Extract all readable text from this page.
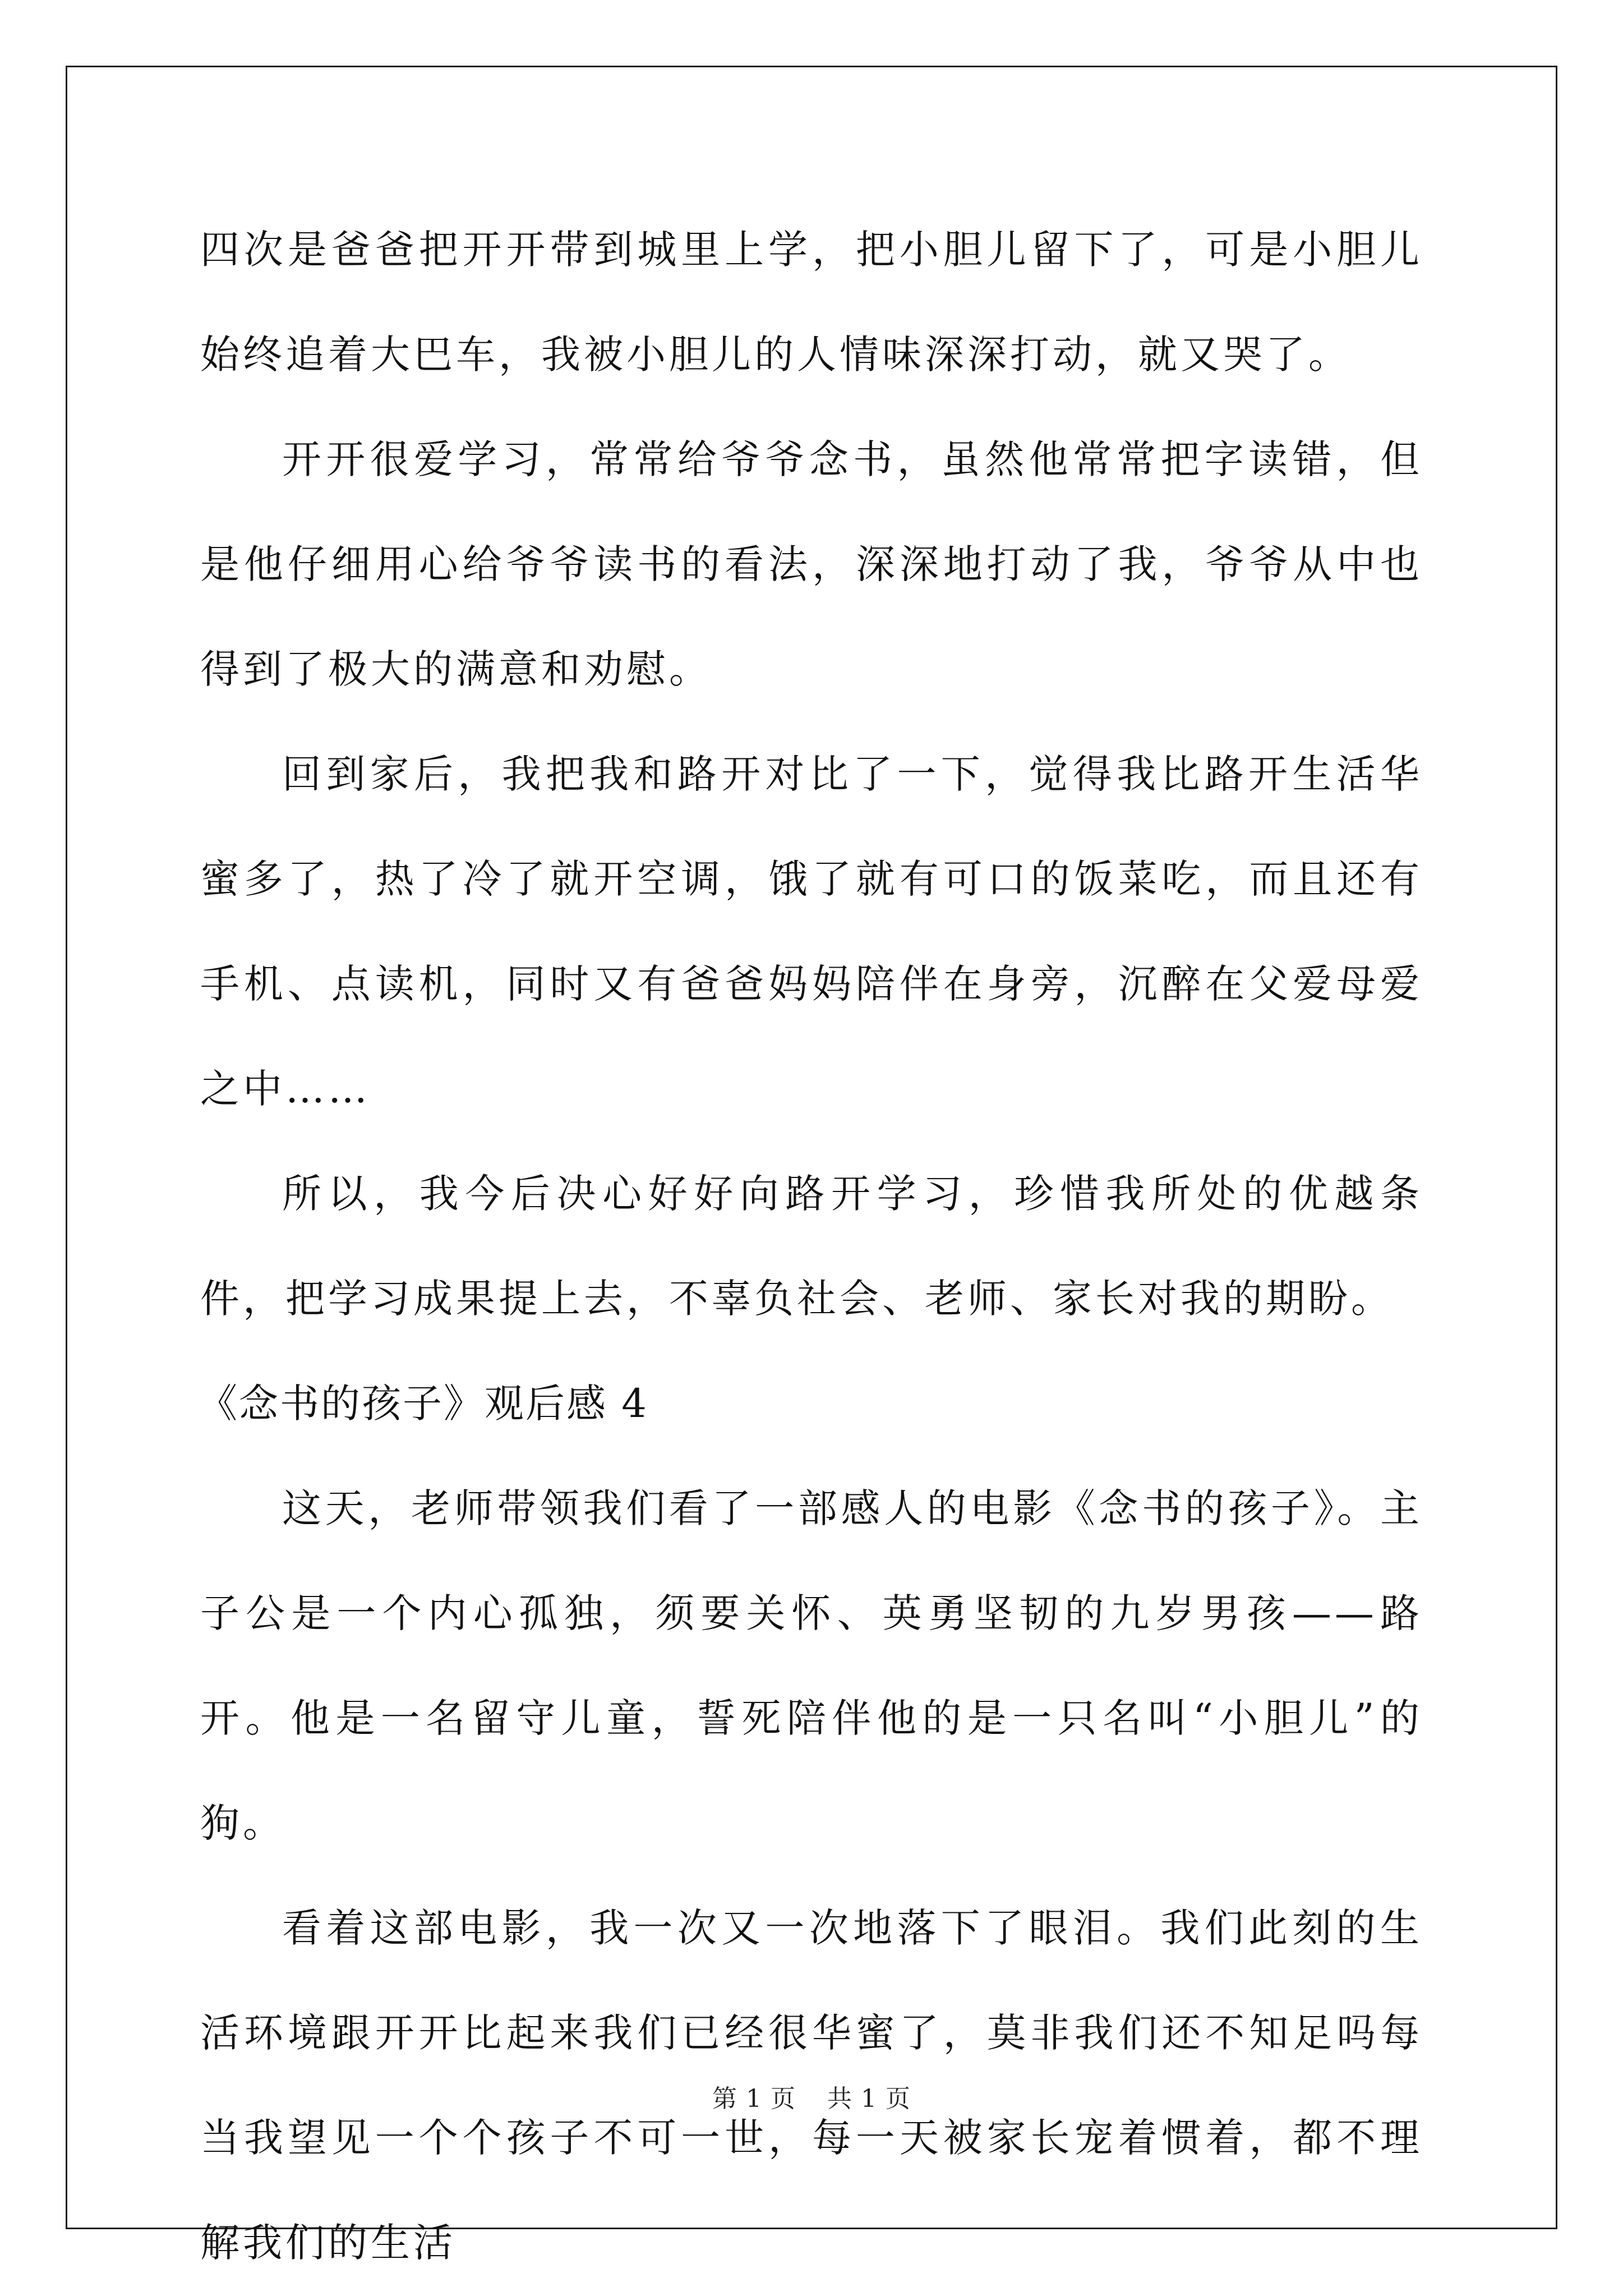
四次是爸爸把开开带到城里上学，把小胆儿留下了，可是小胆儿始终追着大巴车，我被小胆儿的人情味深深打动，就又哭了。

开开很爱学习，常常给爷爷念书，虽然他常常把字读错，但是他仔细用心给爷爷读书的看法，深深地打动了我，爷爷从中也得到了极大的满意和劝慰。

回到家后，我把我和路开对比了一下，觉得我比路开生活华蜜多了，热了冷了就开空调，饿了就有可口的饭菜吃，而且还有手机、点读机，同时又有爸爸妈妈陪伴在身旁，沉醉在父爱母爱之中……

所以，我今后决心好好向路开学习，珍惜我所处的优越条件，把学习成果提上去，不辜负社会、老师、家长对我的期盼。

《念书的孩子》观后感 4

这天，老师带领我们看了一部感人的电影《念书的孩子》。主子公是一个内心孤独，须要关怀、英勇坚韧的九岁男孩——路开。他是一名留守儿童，誓死陪伴他的是一只名叫“小胆儿”的狗。

看着这部电影，我一次又一次地落下了眼泪。我们此刻的生活环境跟开开比起来我们已经很华蜜了，莫非我们还不知足吗每当我望见一个个孩子不可一世，每一天被家长宠着惯着，都不理解我们的生活

第 1 页 共 1 页
